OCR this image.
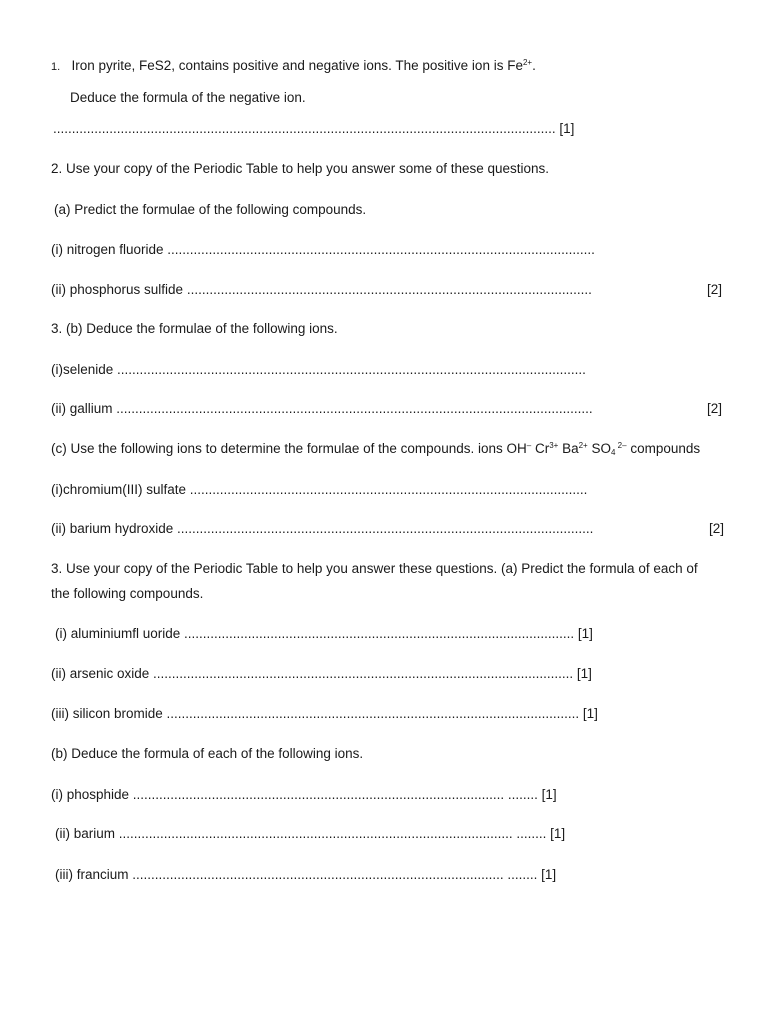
1. Iron pyrite, FeS2, contains positive and negative ions. The positive ion is $Fe^{2+}$.
Deduce the formula of the negative ion.
...................................................................................................................................... [1]
2. Use your copy of the Periodic Table to help you answer some of these questions.
(a) Predict the formulae of the following compounds.
(i) nitrogen fluoride ..................................................................................................................
(ii) phosphorus sulfide ............................................................................................................	[2]
3. (b) Deduce the formulae of the following ions.
(i)selenide .............................................................................................................................
(ii) gallium ...............................................................................................................................	[2]
(c) Use the following ions to determine the formulae of the compounds. ions OH– $Cr^{3+}$ $Ba^{2+}$ $SO_4$ $^{2-}$ compounds
(i)chromium(III) sulfate ..........................................................................................................
(ii) barium hydroxide ...............................................................................................................	[2]
3. Use your copy of the Periodic Table to help you answer these questions. (a) Predict the formula of each of
the following compounds.
(i) aluminiumfl uoride ........................................................................................................ [1]
(ii) arsenic oxide ................................................................................................................ [1]
(iii) silicon bromide .............................................................................................................. [1]
(b) Deduce the formula of each of the following ions.
(i) phosphide ................................................................................................... ........ [1]
(ii) barium ......................................................................................................... ........ [1]
(iii) francium ................................................................................................... ........ [1]
